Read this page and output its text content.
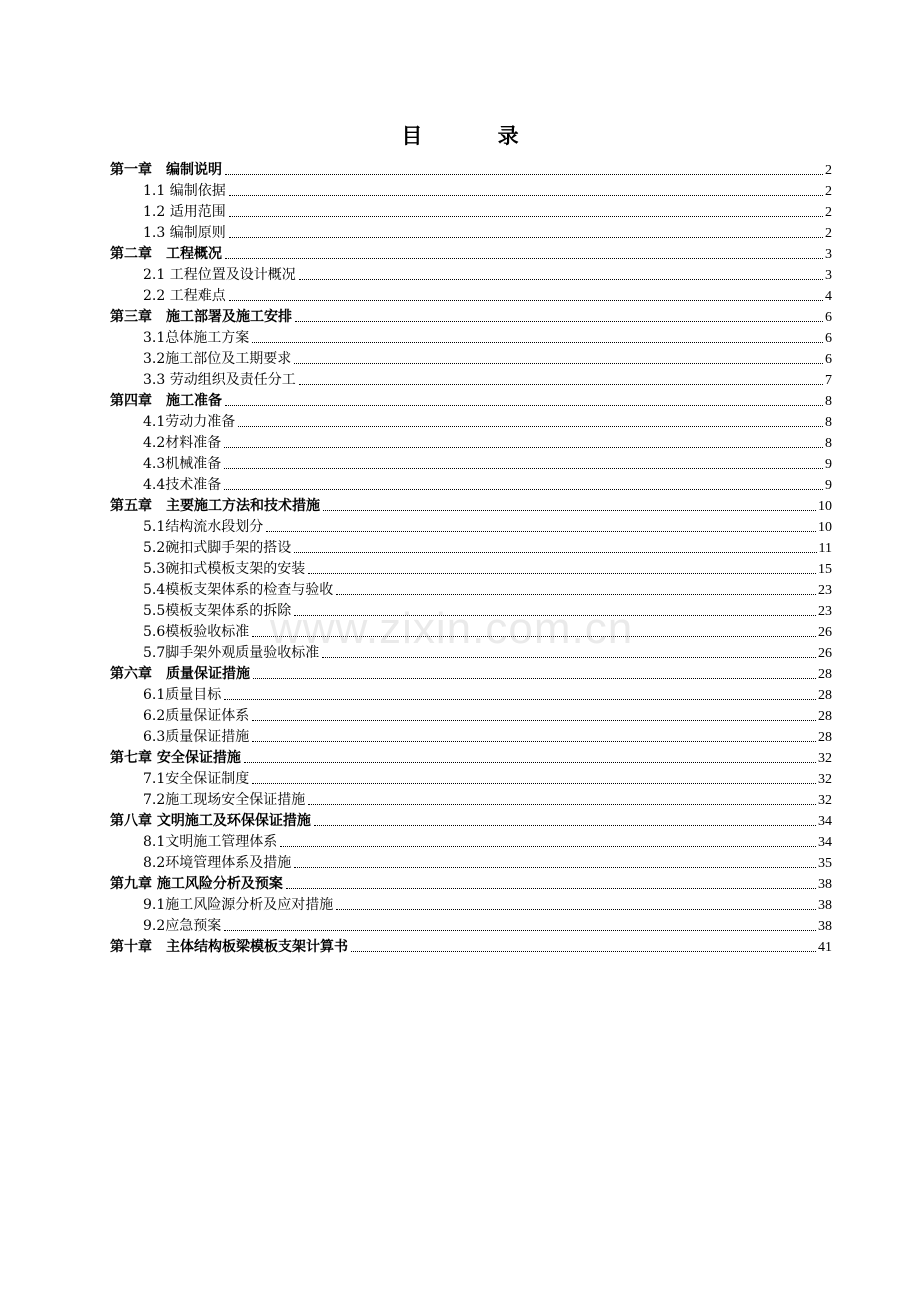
目 录
第一章　编制说明	2
1.1 编制依据	2
1.2 适用范围	2
1.3 编制原则	2
第二章　工程概况	3
2.1 工程位置及设计概况	3
2.2 工程难点	4
第三章　施工部署及施工安排	6
3.1总体施工方案	6
3.2施工部位及工期要求	6
3.3 劳动组织及责任分工	7
第四章　施工准备	8
4.1劳动力准备	8
4.2材料准备	8
4.3机械准备	9
4.4技术准备	9
第五章　主要施工方法和技术措施	10
5.1结构流水段划分	10
5.2碗扣式脚手架的搭设	11
5.3碗扣式模板支架的安装	15
5.4模板支架体系的检查与验收	23
5.5模板支架体系的拆除	23
5.6模板验收标准	26
5.7脚手架外观质量验收标准	26
第六章　质量保证措施	28
6.1质量目标	28
6.2质量保证体系	28
6.3质量保证措施	28
第七章 安全保证措施	32
7.1安全保证制度	32
7.2施工现场安全保证措施	32
第八章 文明施工及环保保证措施	34
8.1文明施工管理体系	34
8.2环境管理体系及措施	35
第九章 施工风险分析及预案	38
9.1施工风险源分析及应对措施	38
9.2应急预案	38
第十章　主体结构板梁模板支架计算书	41
www.zixin.com.cn
